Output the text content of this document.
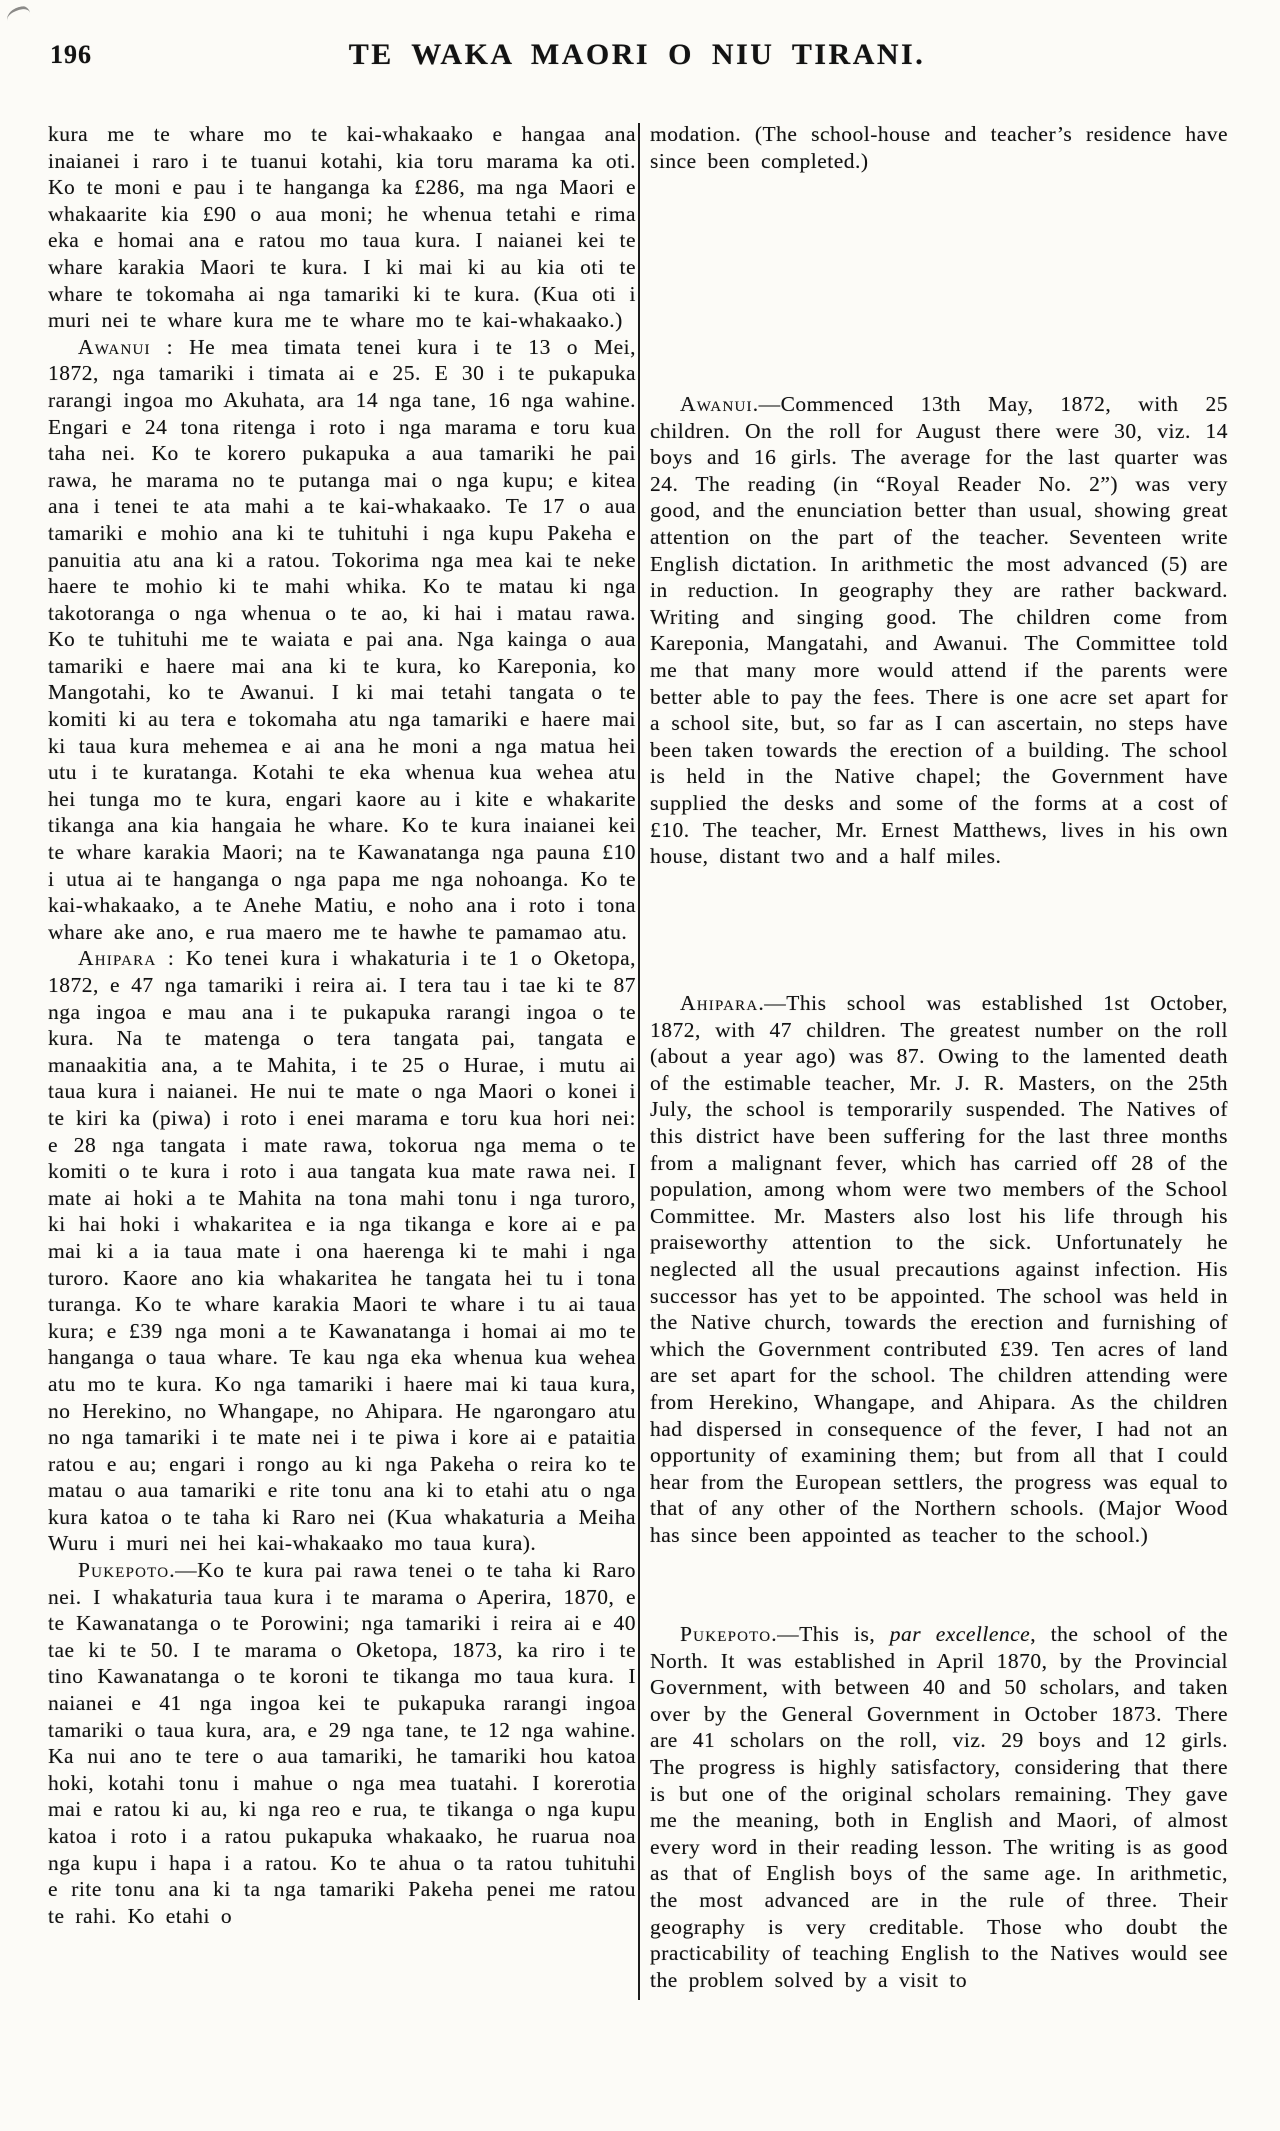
196	TE WAKA MAORI O NIU TIRANI.

kura me te whare mo te kai-whakaako e hangaa ana inaianei i raro i te tuanui kotahi, kia toru marama ka oti. Ko te moni e pau i te hanganga ka £286, ma nga Maori e whakaarite kia £90 o aua moni; he whenua tetahi e rima eka e homai ana e ratou mo taua kura. I naianei kei te whare karakia Maori te kura. I ki mai ki au kia oti te whare te tokomaha ai nga tamariki ki te kura. (Kua oti i muri nei te whare kura me te whare mo te kai-whakaako.)

Awanui : He mea timata tenei kura i te 13 o Mei, 1872, nga tamariki i timata ai e 25. E 30 i te pukapuka rarangi ingoa mo Akuhata, ara 14 nga tane, 16 nga wahine. Engari e 24 tona ritenga i roto i nga marama e toru kua taha nei. Ko te korero pukapuka a aua tamariki he pai rawa, he marama no te putanga mai o nga kupu; e kitea ana i tenei te ata mahi a te kai-whakaako. Te 17 o aua tamariki e mohio ana ki te tuhituhi i nga kupu Pakeha e panuitia atu ana ki a ratou. Tokorima nga mea kai te neke haere te mohio ki te mahi whika. Ko te matau ki nga takotoranga o nga whenua o te ao, ki hai i matau rawa. Ko te tuhituhi me te waiata e pai ana. Nga kainga o aua tamariki e haere mai ana ki te kura, ko Kareponia, ko Mangotahi, ko te Awanui. I ki mai tetahi tangata o te komiti ki au tera e tokomaha atu nga tamariki e haere mai ki taua kura mehemea e ai ana he moni a nga matua hei utu i te kuratanga. Kotahi te eka whenua kua wehea atu hei tunga mo te kura, engari kaore au i kite e whakarite tikanga ana kia hangaia he whare. Ko te kura inaianei kei te whare karakia Maori; na te Kawanatanga nga pauna £10 i utua ai te hanganga o nga papa me nga nohoanga. Ko te kai-whakaako, a te Anehe Matiu, e noho ana i roto i tona whare ake ano, e rua maero me te hawhe te pamamao atu.

Ahipara : Ko tenei kura i whakaturia i te 1 o Oketopa, 1872, e 47 nga tamariki i reira ai. I tera tau i tae ki te 87 nga ingoa e mau ana i te pukapuka rarangi ingoa o te kura. Na te matenga o tera tangata pai, tangata e manaakitia ana, a te Mahita, i te 25 o Hurae, i mutu ai taua kura i naianei. He nui te mate o nga Maori o konei i te kiri ka (piwa) i roto i enei marama e toru kua hori nei: e 28 nga tangata i mate rawa, tokorua nga mema o te komiti o te kura i roto i aua tangata kua mate rawa nei. I mate ai hoki a te Mahita na tona mahi tonu i nga turoro, ki hai hoki i whakaritea e ia nga tikanga e kore ai e pa mai ki a ia taua mate i ona haerenga ki te mahi i nga turoro. Kaore ano kia whakaritea he tangata hei tu i tona turanga. Ko te whare karakia Maori te whare i tu ai taua kura; e £39 nga moni a te Kawanatanga i homai ai mo te hanganga o taua whare. Te kau nga eka whenua kua wehea atu mo te kura. Ko nga tamariki i haere mai ki taua kura, no Herekino, no Whangape, no Ahipara. He ngarongaro atu no nga tamariki i te mate nei i te piwa i kore ai e pataitia ratou e au; engari i rongo au ki nga Pakeha o reira ko te matau o aua tamariki e rite tonu ana ki to etahi atu o nga kura katoa o te taha ki Raro nei (Kua whakaturia a Meiha Wuru i muri nei hei kai-whakaako mo taua kura).

Pukepoto.—Ko te kura pai rawa tenei o te taha ki Raro nei. I whakaturia taua kura i te marama o Aperira, 1870, e te Kawanatanga o te Porowini; nga tamariki i reira ai e 40 tae ki te 50. I te marama o Oketopa, 1873, ka riro i te tino Kawanatanga o te koroni te tikanga mo taua kura. I naianei e 41 nga ingoa kei te pukapuka rarangi ingoa tamariki o taua kura, ara, e 29 nga tane, te 12 nga wahine. Ka nui ano te tere o aua tamariki, he tamariki hou katoa hoki, kotahi tonu i mahue o nga mea tuatahi. I korerotia mai e ratou ki au, ki nga reo e rua, te tikanga o nga kupu katoa i roto i a ratou pukapuka whakaako, he ruarua noa nga kupu i hapa i a ratou. Ko te ahua o ta ratou tuhituhi e rite tonu ana ki ta nga tamariki Pakeha penei me ratou te rahi. Ko etahi o

modation. (The school-house and teacher’s residence have since been completed.)

Awanui.—Commenced 13th May, 1872, with 25 children. On the roll for August there were 30, viz. 14 boys and 16 girls. The average for the last quarter was 24. The reading (in “Royal Reader No. 2”) was very good, and the enunciation better than usual, showing great attention on the part of the teacher. Seventeen write English dictation. In arithmetic the most advanced (5) are in reduction. In geography they are rather backward. Writing and singing good. The children come from Kareponia, Mangatahi, and Awanui. The Committee told me that many more would attend if the parents were better able to pay the fees. There is one acre set apart for a school site, but, so far as I can ascertain, no steps have been taken towards the erection of a building. The school is held in the Native chapel; the Government have supplied the desks and some of the forms at a cost of £10. The teacher, Mr. Ernest Matthews, lives in his own house, distant two and a half miles.

Ahipara.—This school was established 1st October, 1872, with 47 children. The greatest number on the roll (about a year ago) was 87. Owing to the lamented death of the estimable teacher, Mr. J. R. Masters, on the 25th July, the school is temporarily suspended. The Natives of this district have been suffering for the last three months from a malignant fever, which has carried off 28 of the population, among whom were two members of the School Committee. Mr. Masters also lost his life through his praiseworthy attention to the sick. Unfortunately he neglected all the usual precautions against infection. His successor has yet to be appointed. The school was held in the Native church, towards the erection and furnishing of which the Government contributed £39. Ten acres of land are set apart for the school. The children attending were from Herekino, Whangape, and Ahipara. As the children had dispersed in consequence of the fever, I had not an opportunity of examining them; but from all that I could hear from the European settlers, the progress was equal to that of any other of the Northern schools. (Major Wood has since been appointed as teacher to the school.)

Pukepoto.—This is, par excellence, the school of the North. It was established in April 1870, by the Provincial Government, with between 40 and 50 scholars, and taken over by the General Government in October 1873. There are 41 scholars on the roll, viz. 29 boys and 12 girls. The progress is highly satisfactory, considering that there is but one of the original scholars remaining. They gave me the meaning, both in English and Maori, of almost every word in their reading lesson. The writing is as good as that of English boys of the same age. In arithmetic, the most advanced are in the rule of three. Their geography is very creditable. Those who doubt the practicability of teaching English to the Natives would see the problem solved by a visit to
